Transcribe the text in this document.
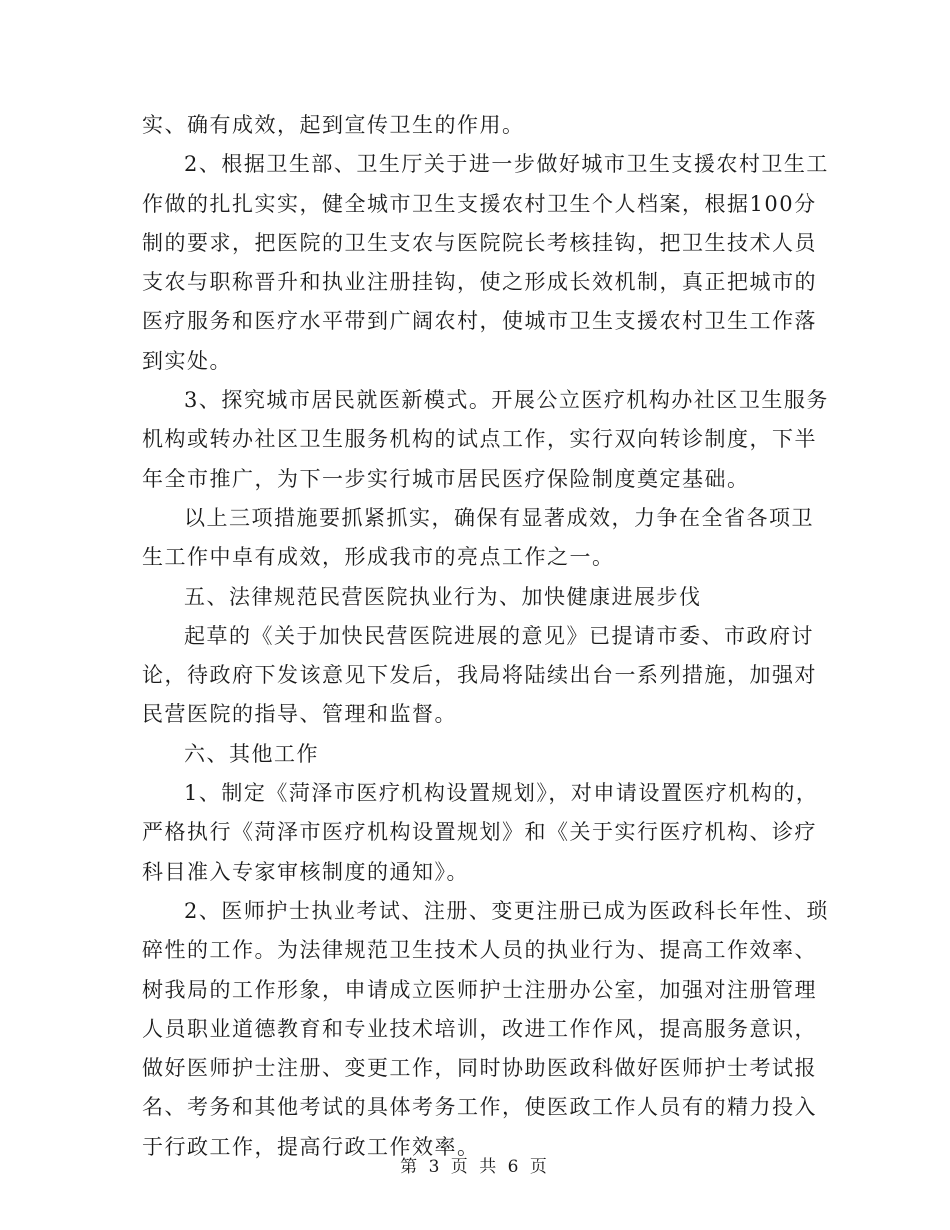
实、确有成效，起到宣传卫生的作用。
2、根据卫生部、卫生厅关于进一步做好城市卫生支援农村卫生工
作做的扎扎实实，健全城市卫生支援农村卫生个人档案，根据100分
制的要求，把医院的卫生支农与医院院长考核挂钩，把卫生技术人员
支农与职称晋升和执业注册挂钩，使之形成长效机制，真正把城市的
医疗服务和医疗水平带到广阔农村，使城市卫生支援农村卫生工作落
到实处。
3、探究城市居民就医新模式。开展公立医疗机构办社区卫生服务
机构或转办社区卫生服务机构的试点工作，实行双向转诊制度，下半
年全市推广，为下一步实行城市居民医疗保险制度奠定基础。
以上三项措施要抓紧抓实，确保有显著成效，力争在全省各项卫
生工作中卓有成效，形成我市的亮点工作之一。
五、法律规范民营医院执业行为、加快健康进展步伐
起草的《关于加快民营医院进展的意见》已提请市委、市政府讨
论，待政府下发该意见下发后，我局将陆续出台一系列措施，加强对
民营医院的指导、管理和监督。
六、其他工作
1、制定《菏泽市医疗机构设置规划》，对申请设置医疗机构的，
严格执行《菏泽市医疗机构设置规划》和《关于实行医疗机构、诊疗
科目准入专家审核制度的通知》。
2、医师护士执业考试、注册、变更注册已成为医政科长年性、琐
碎性的工作。为法律规范卫生技术人员的执业行为、提高工作效率、
树我局的工作形象，申请成立医师护士注册办公室，加强对注册管理
人员职业道德教育和专业技术培训，改进工作作风，提高服务意识，
做好医师护士注册、变更工作，同时协助医政科做好医师护士考试报
名、考务和其他考试的具体考务工作，使医政工作人员有的精力投入
于行政工作，提高行政工作效率。
第 3 页 共 6 页
